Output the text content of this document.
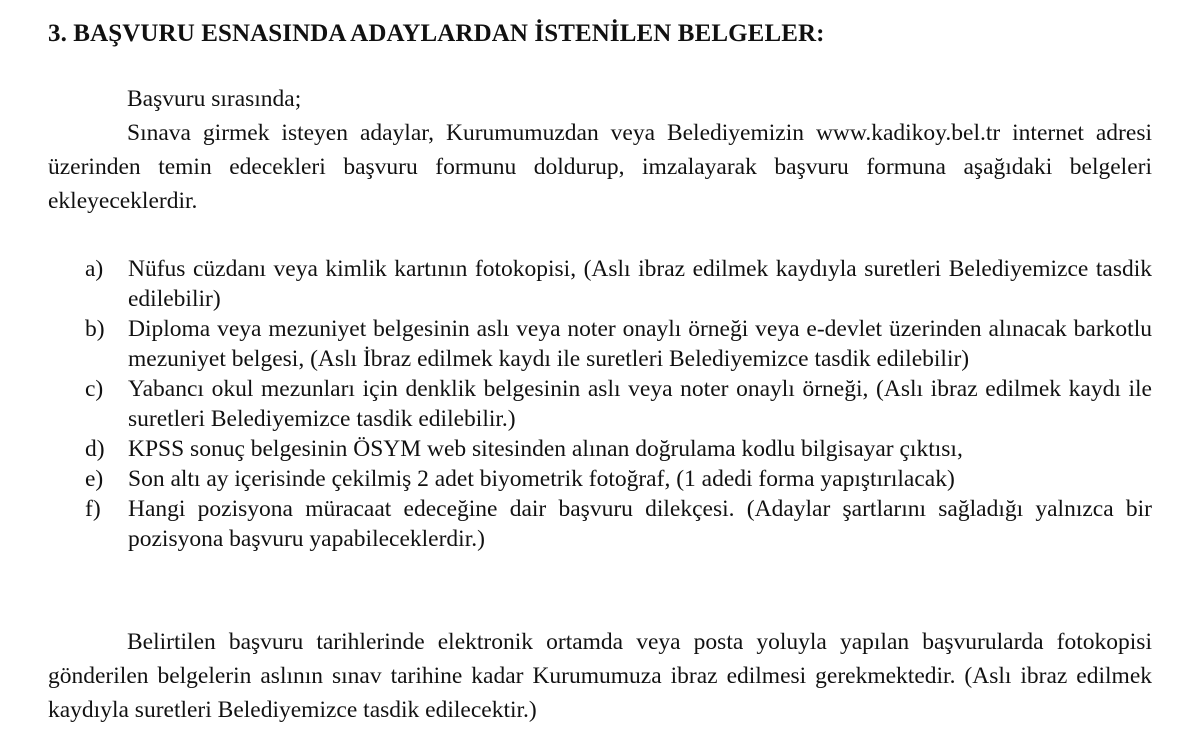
3. BAŞVURU ESNASINDA ADAYLARDAN İSTENİLEN BELGELER:
Başvuru sırasında;
Sınava girmek isteyen adaylar, Kurumumuzdan veya Belediyemizin www.kadikoy.bel.tr internet adresi üzerinden temin edecekleri başvuru formunu doldurup, imzalayarak başvuru formuna aşağıdaki belgeleri ekleyeceklerdir.
a) Nüfus cüzdanı veya kimlik kartının fotokopisi, (Aslı ibraz edilmek kaydıyla suretleri Belediyemizce tasdik edilebilir)
b) Diploma veya mezuniyet belgesinin aslı veya noter onaylı örneği veya e-devlet üzerinden alınacak barkotlu mezuniyet belgesi, (Aslı İbraz edilmek kaydı ile suretleri Belediyemizce tasdik edilebilir)
c) Yabancı okul mezunları için denklik belgesinin aslı veya noter onaylı örneği, (Aslı ibraz edilmek kaydı ile suretleri Belediyemizce tasdik edilebilir.)
d) KPSS sonuç belgesinin ÖSYM web sitesinden alınan doğrulama kodlu bilgisayar çıktısı,
e) Son altı ay içerisinde çekilmiş 2 adet biyometrik fotoğraf, (1 adedi forma yapıştırılacak)
f) Hangi pozisyona müracaat edeceğine dair başvuru dilekçesi. (Adaylar şartlarını sağladığı yalnızca bir pozisyona başvuru yapabileceklerdir.)

Belirtilen başvuru tarihlerinde elektronik ortamda veya posta yoluyla yapılan başvurularda fotokopisi gönderilen belgelerin aslının sınav tarihine kadar Kurumumuza ibraz edilmesi gerekmektedir. (Aslı ibraz edilmek kaydıyla suretleri Belediyemizce tasdik edilecektir.)
